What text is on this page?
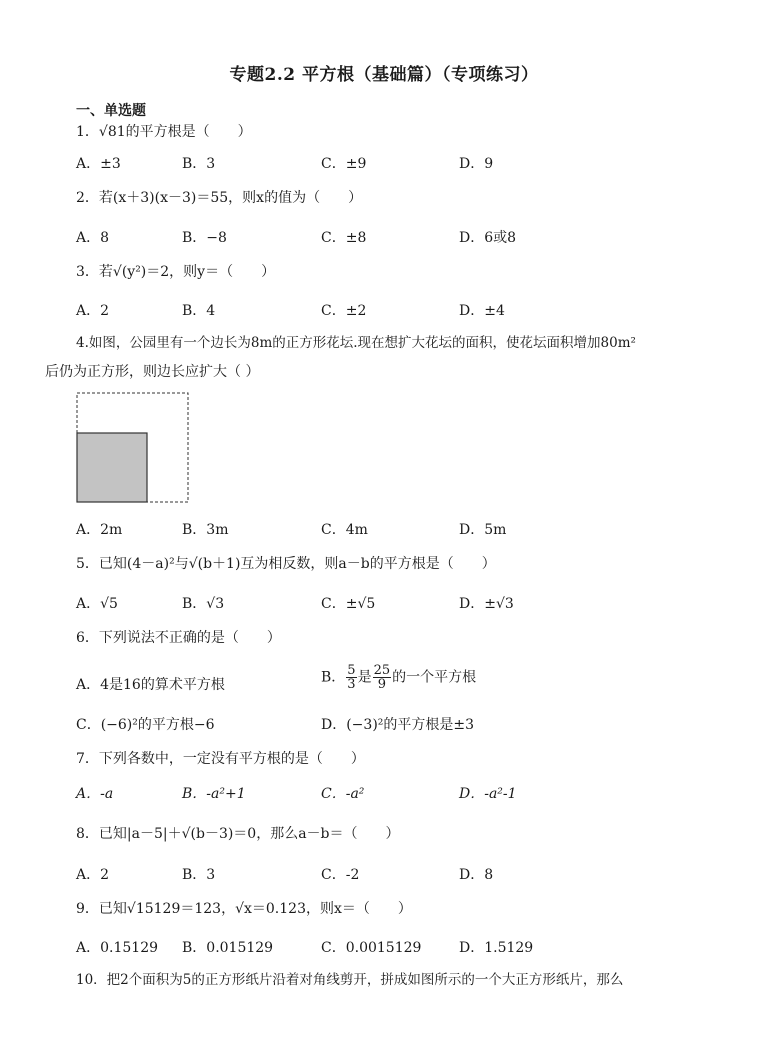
专题2.2 平方根（基础篇）（专项练习）
一、单选题
1．√81的平方根是（　　）
A．±3	B．3	C．±9	D．9
2．若(x＋3)(x－3)＝55，则x的值为（　　）
A．8	B．−8	C．±8	D．6或8
3．若√(y²)＝2，则y＝（　　）
A．2	B．4	C．±2	D．±4
4.如图，公园里有一个边长为8m的正方形花坛.现在想扩大花坛的面积，使花坛面积增加80m²
后仍为正方形，则边长应扩大（ ）
A．2m	B．3m	C．4m	D．5m
5．已知(4－a)²与√(b＋1)互为相反数，则a－b的平方根是（　　）
A．√5	B．√3	C．±√5	D．±√3
6．下列说法不正确的是（　　）
A．4是16的算术平方根	B． $\frac{5}{3}$ 是 $\frac{25}{9}$ 的一个平方根
C．(−6)²的平方根−6	D．(−3)²的平方根是±3
7．下列各数中，一定没有平方根的是（　　）
A．-a	B．-a²+1	C．-a²	D．-a²-1
8．已知|a－5|＋√(b－3)＝0，那么a－b＝（　　）
A．2	B．3	C．-2	D．8
9．已知√15129＝123，√x＝0.123，则x＝（　　）
A．0.15129 B．0.015129	C．0.0015129	D．1.5129
10．把2个面积为5的正方形纸片沿着对角线剪开，拼成如图所示的一个大正方形纸片，那么
